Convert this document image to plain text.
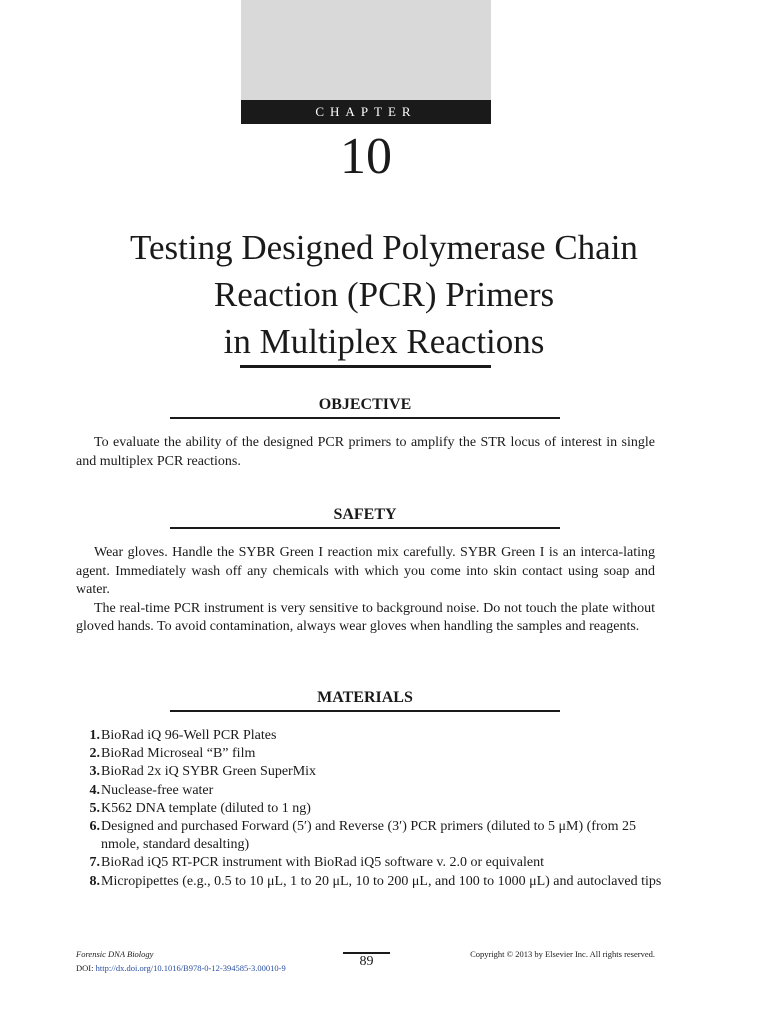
CHAPTER
10
Testing Designed Polymerase Chain
Reaction (PCR) Primers
in Multiplex Reactions
OBJECTIVE

To evaluate the ability of the designed PCR primers to amplify the STR locus of interest in single and multiplex PCR reactions.

SAFETY

Wear gloves. Handle the SYBR Green I reaction mix carefully. SYBR Green I is an interca-lating agent. Immediately wash off any chemicals with which you come into skin contact using soap and water.

The real-time PCR instrument is very sensitive to background noise. Do not touch the plate without gloved hands. To avoid contamination, always wear gloves when handling the samples and reagents.

MATERIALS
1. BioRad iQ 96-Well PCR Plates
2. BioRad Microseal “B” film
3. BioRad 2x iQ SYBR Green SuperMix
4. Nuclease-free water
5. K562 DNA template (diluted to 1 ng)
6. Designed and purchased Forward (5′) and Reverse (3′) PCR primers (diluted to 5 μM) (from 25 nmole, standard desalting)
7. BioRad iQ5 RT-PCR instrument with BioRad iQ5 software v. 2.0 or equivalent
8. Micropipettes (e.g., 0.5 to 10 μL, 1 to 20 μL, 10 to 200 μL, and 100 to 1000 μL) and autoclaved tips
Forensic DNA Biology
DOI: http://dx.doi.org/10.1016/B978-0-12-394585-3.00010-9	89	Copyright © 2013 by Elsevier Inc. All rights reserved.
